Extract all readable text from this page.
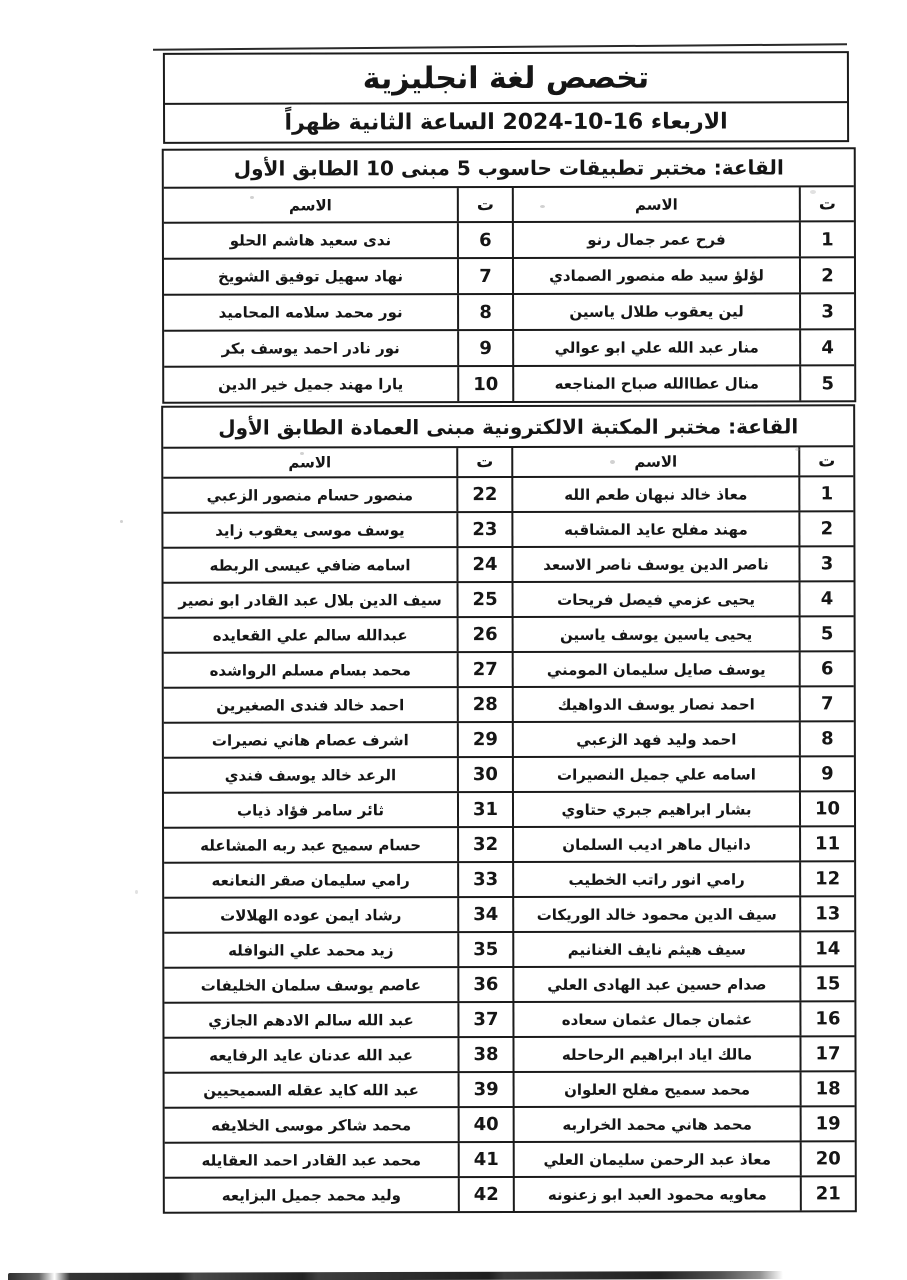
تخصص لغة انجليزية
الاربعاء 16-10-2024 الساعة الثانية ظهراً
القاعة: مختبر تطبيقات حاسوب 5 مبنى 10 الطابق الأول
ت
الاسم
ت
الاسم
1
فرح عمر جمال رنو
6
ندى سعيد هاشم الحلو
2
لؤلؤ سيد طه منصور الصمادي
7
نهاد سهيل توفيق الشويخ
3
لين يعقوب طلال ياسين
8
نور محمد سلامه المحاميد
4
منار عبد الله علي ابو عوالي
9
نور نادر احمد يوسف بكر
5
منال عطاالله صباح المناجعه
10
يارا مهند جميل خير الدين
القاعة: مختبر المكتبة الالكترونية مبنى العمادة الطابق الأول
ت
الاسم
ت
الاسم
1
معاذ خالد نبهان طعم الله
22
منصور حسام منصور الزعبي
2
مهند مفلح عايد المشاقبه
23
يوسف موسى يعقوب زايد
3
ناصر الدين يوسف ناصر الاسعد
24
اسامه ضافي عيسى الربطه
4
يحيى عزمي فيصل فريحات
25
سيف الدين بلال عبد القادر ابو نصير
5
يحيى ياسين يوسف ياسين
26
عبدالله سالم علي القعايده
6
يوسف صايل سليمان المومني
27
محمد بسام مسلم الرواشده
7
احمد نصار يوسف الدواهيك
28
احمد خالد فندى الصغيرين
8
احمد وليد فهد الزعبي
29
اشرف عصام هاني نصيرات
9
اسامه علي جميل النصيرات
30
الرعد خالد يوسف فندي
10
بشار ابراهيم جبري حتاوي
31
ثائر سامر فؤاد ذياب
11
دانيال ماهر اديب السلمان
32
حسام سميح عبد ربه المشاعله
12
رامي انور راتب الخطيب
33
رامي سليمان صقر النعانعه
13
سيف الدين محمود خالد الوريكات
34
رشاد ايمن عوده الهلالات
14
سيف هيثم نايف الغنانيم
35
زيد محمد علي النوافله
15
صدام حسين عبد الهادى العلي
36
عاصم يوسف سلمان الخليفات
16
عثمان جمال عثمان سعاده
37
عبد الله سالم الادهم الجازي
17
مالك اياد ابراهيم الرحاحله
38
عبد الله عدنان عايد الرفايعه
18
محمد سميح مفلح العلوان
39
عبد الله كايد عقله السميحيين
19
محمد هاني محمد الخراربه
40
محمد شاكر موسى الخلايفه
20
معاذ عبد الرحمن سليمان العلي
41
محمد عبد القادر احمد العقايله
21
معاويه محمود العبد ابو زعنونه
42
وليد محمد جميل البزايعه
